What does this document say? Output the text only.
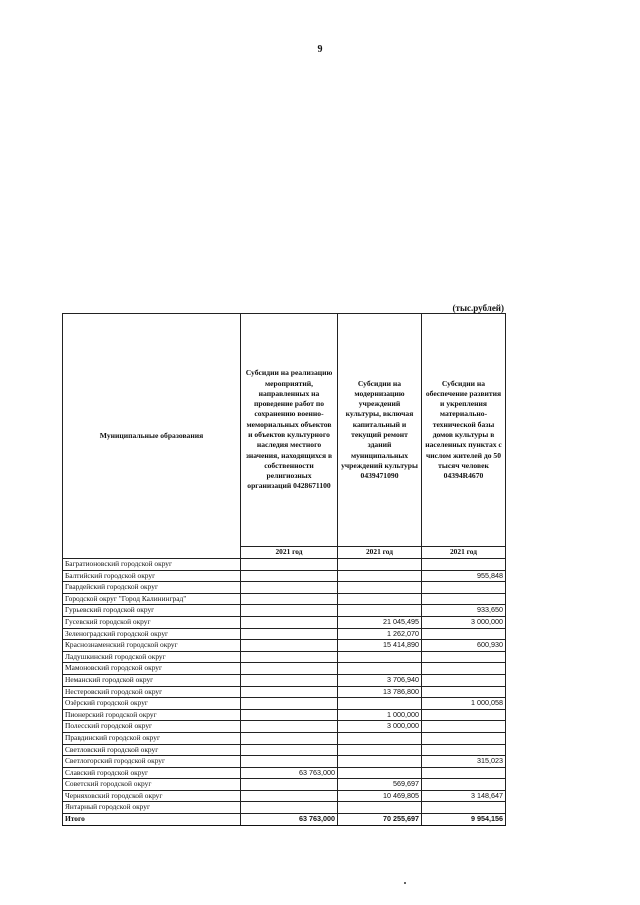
9
(тыс.рублей)
Муниципальные образования	Субсидии на реализацию мероприятий, направленных на проведение работ по сохранению военно-мемориальных объектов и объектов культурного наследия местного значения, находящихся в собственности религиозных организаций 0428671100	Субсидии на модернизацию учреждений культуры, включая капитальный и текущий ремонт зданий муниципальных учреждений культуры 0439471090	Субсидии на обеспечение развития и укрепления материально-технической базы домов культуры в населенных пунктах с числом жителей до 50 тысяч человек 04394R4670
	2021 год	2021 год	2021 год
Багратионовский городской округ			
Балтийский городской округ			955,848
Гвардейский городской округ			
Городской округ "Город Калининград"			
Гурьевский городской округ			933,650
Гусевский городской округ		21 045,495	3 000,000
Зеленоградский городской округ		1 262,070	
Краснознаменский городской округ		15 414,890	600,930
Ладушкинский городской округ			
Мамоновский городской округ			
Неманский городской округ		3 706,940	
Нестеровский городской округ		13 786,800	
Озёрский городской округ			1 000,058
Пионерский городской округ		1 000,000	
Полесский городской округ		3 000,000	
Правдинский городской округ			
Светловский городской округ			
Светлогорский городской округ			315,023
Славский городской округ	63 763,000		
Советский городской округ		569,697	
Черняховский городской округ		10 469,805	3 148,647
Янтарный городской округ			
Итого	63 763,000	70 255,697	9 954,156
